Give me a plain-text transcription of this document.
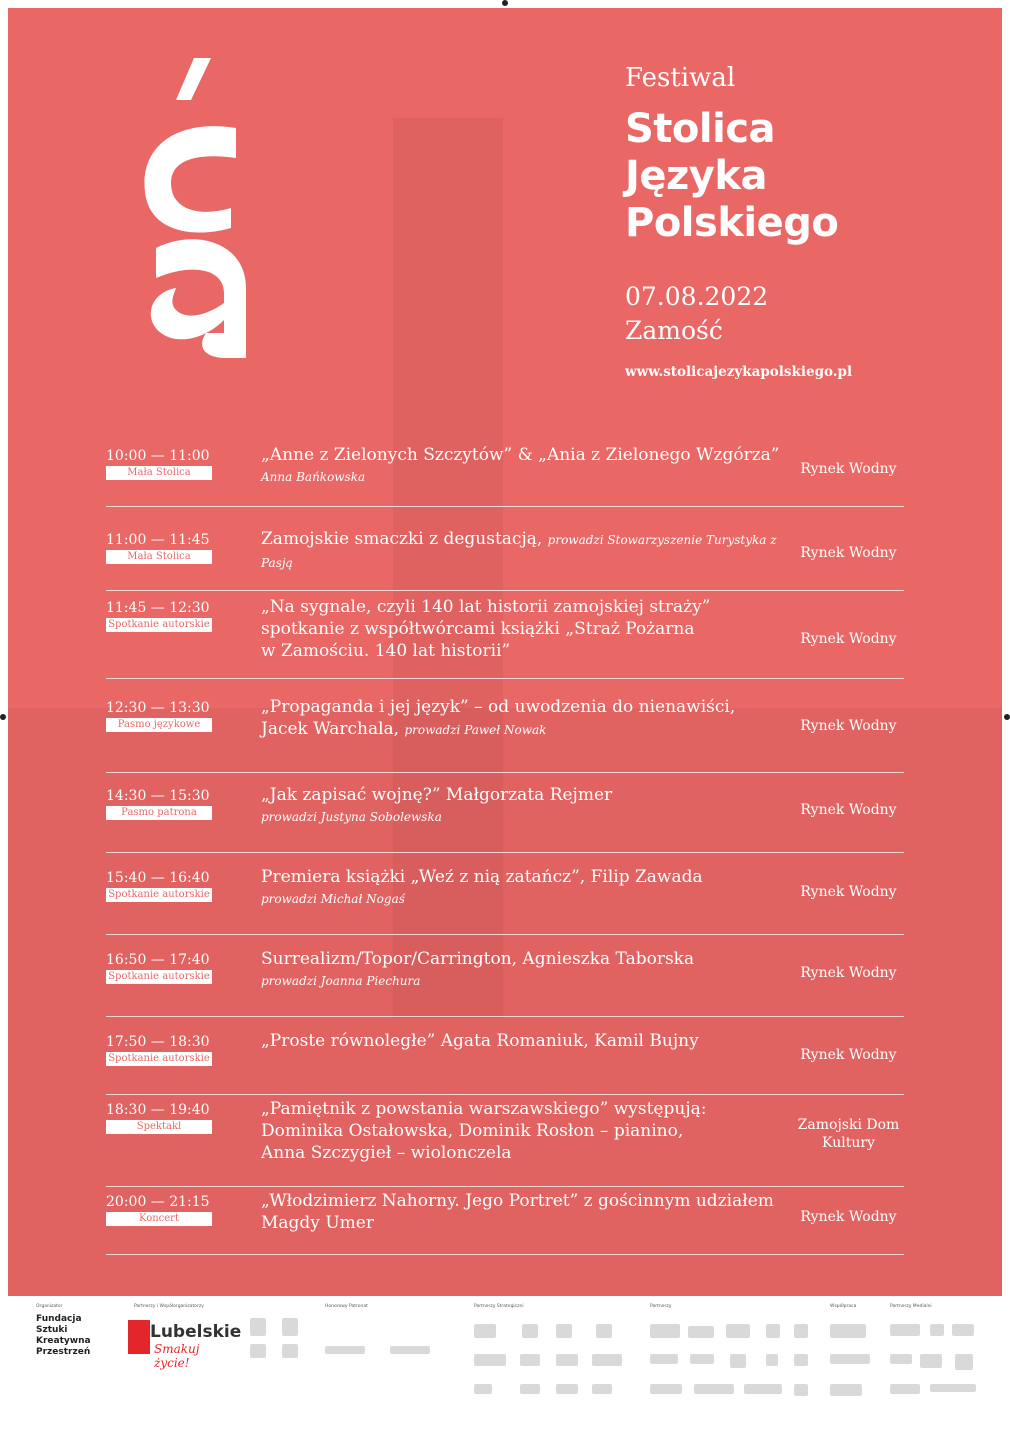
Festiwal
Stolica
Języka
Polskiego
07.08.2022
Zamość
www.stolicajezykapolskiego.pl
10:00 — 11:00
Mała Stolica
„Anne z Zielonych Szczytów” & „Ania z Zielonego Wzgórza”
Anna Bańkowska	Rynek Wodny
11:00 — 11:45
Mała Stolica
Zamojskie smaczki z degustacją, prowadzi Stowarzyszenie Turystyka z Pasją
Rynek Wodny
11:45 — 12:30
Spotkanie autorskie
„Na sygnale, czyli 140 lat historii zamojskiej straży”
spotkanie z współtwórcami książki „Straż Pożarna
w Zamościu. 140 lat historii”
Rynek Wodny
12:30 — 13:30
Pasmo językowe
„Propaganda i jej język” – od uwodzenia do nienawiści,
Jacek Warchala, prowadzi Paweł Nowak	Rynek Wodny
14:30 — 15:30
Pasmo patrona
„Jak zapisać wojnę?” Małgorzata Rejmer
prowadzi Justyna Sobolewska	Rynek Wodny
15:40 — 16:40
Spotkanie autorskie
Premiera książki „Weź z nią zatańcz”, Filip Zawada
prowadzi Michał Nogaś	Rynek Wodny
16:50 — 17:40
Spotkanie autorskie
Surrealizm/Topor/Carrington, Agnieszka Taborska
prowadzi Joanna Piechura	Rynek Wodny
17:50 — 18:30
Spotkanie autorskie
„Proste równoległe” Agata Romaniuk, Kamil Bujny
Rynek Wodny
18:30 — 19:40
Spektakl
„Pamiętnik z powstania warszawskiego” występują:
Dominika Ostałowska, Dominik Rosłon – pianino,
Anna Szczygieł – wiolonczela
Zamojski Dom Kultury
20:00 — 21:15
Koncert
„Włodzimierz Nahorny. Jego Portret” z gościnnym udziałem
Magdy Umer	Rynek Wodny
Organizator
Fundacja
Sztuki
Kreatywna
Przestrzeń
Partnerzy i Współorganizatorzy
Lubelskie
Smakuj życie!
Honorowy Patronat	Partnerzy Strategiczni	Partnerzy	Współpraca	Partnerzy Medialni
